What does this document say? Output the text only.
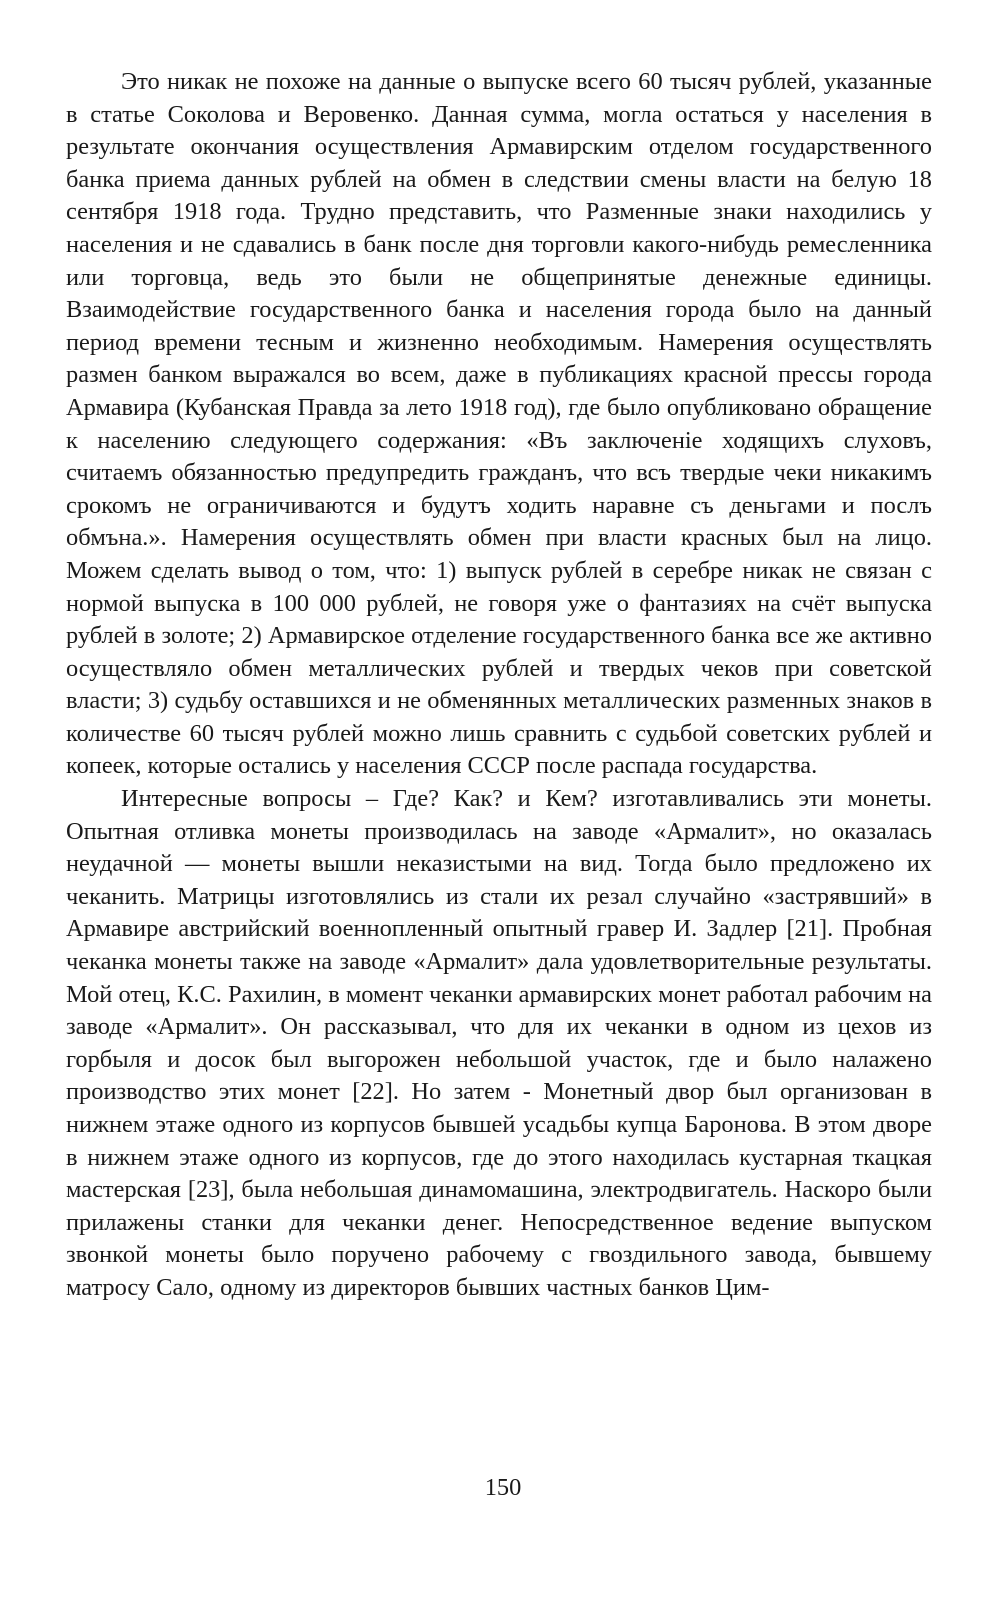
Это никак не похоже на данные о выпуске всего 60 тысяч рублей, указанные в статье Соколова и Веровенко. Данная сумма, могла остаться у населения в результате окончания осуществления Армавирским отделом государственного банка приема данных рублей на обмен в следствии смены власти на белую 18 сентября 1918 года. Трудно представить, что Разменные знаки находились у населения и не сдавались в банк после дня торговли какого-нибудь ремесленника или торговца, ведь это были не общепринятые денежные единицы. Взаимодействие государственного банка и населения города было на данный период времени тесным и жизненно необходимым. Намерения осуществлять размен банком выражался во всем, даже в публикациях красной прессы города Армавира (Кубанская Правда за лето 1918 год), где было опубликовано обращение к населению следующего содержания: «Въ заключенiе ходящихъ слуховъ, считаемъ обязанностью предупредить гражданъ, что всъ твердые чеки никакимъ срокомъ не ограничиваются и будутъ ходить наравне съ деньгами и послъ обмъна.». Намерения осуществлять обмен при власти красных был на лицо. Можем сделать вывод о том, что: 1) выпуск рублей в серебре никак не связан с нормой выпуска в 100 000 рублей, не говоря уже о фантазиях на счёт выпуска рублей в золоте; 2) Армавирское отделение государственного банка все же активно осуществляло обмен металлических рублей и твердых чеков при советской власти; 3) судьбу оставшихся и не обменянных металлических разменных знаков в количестве 60 тысяч рублей можно лишь сравнить с судьбой советских рублей и копеек, которые остались у населения СССР после распада государства.

Интересные вопросы – Где? Как? и Кем? изготавливались эти монеты. Опытная отливка монеты производилась на заводе «Армалит», но оказалась неудачной — монеты вышли неказистыми на вид. Тогда было предложено их чеканить. Матрицы изготовлялись из стали их резал случайно «застрявший» в Армавире австрийский военнопленный опытный гравер И. Задлер [21]. Пробная чеканка монеты также на заводе «Армалит» дала удовлетворительные результаты. Мой отец, К.С. Рахилин, в момент чеканки армавирских монет работал рабочим на заводе «Армалит». Он рассказывал, что для их чеканки в одном из цехов из горбыля и досок был выгорожен небольшой участок, где и было налажено производство этих монет [22]. Но затем - Монетный двор был организован в нижнем этаже одного из корпусов бывшей усадьбы купца Баронова. В этом дворе в нижнем этаже одного из корпусов, где до этого находилась кустарная ткацкая мастерская [23], была небольшая динамомашина, электродвигатель. Наскоро были прилажены станки для чеканки денег. Непосредственное ведение выпуском звонкой монеты было поручено рабочему с гвоздильного завода, бывшему матросу Сало, одному из директоров бывших частных банков Цим-

150
